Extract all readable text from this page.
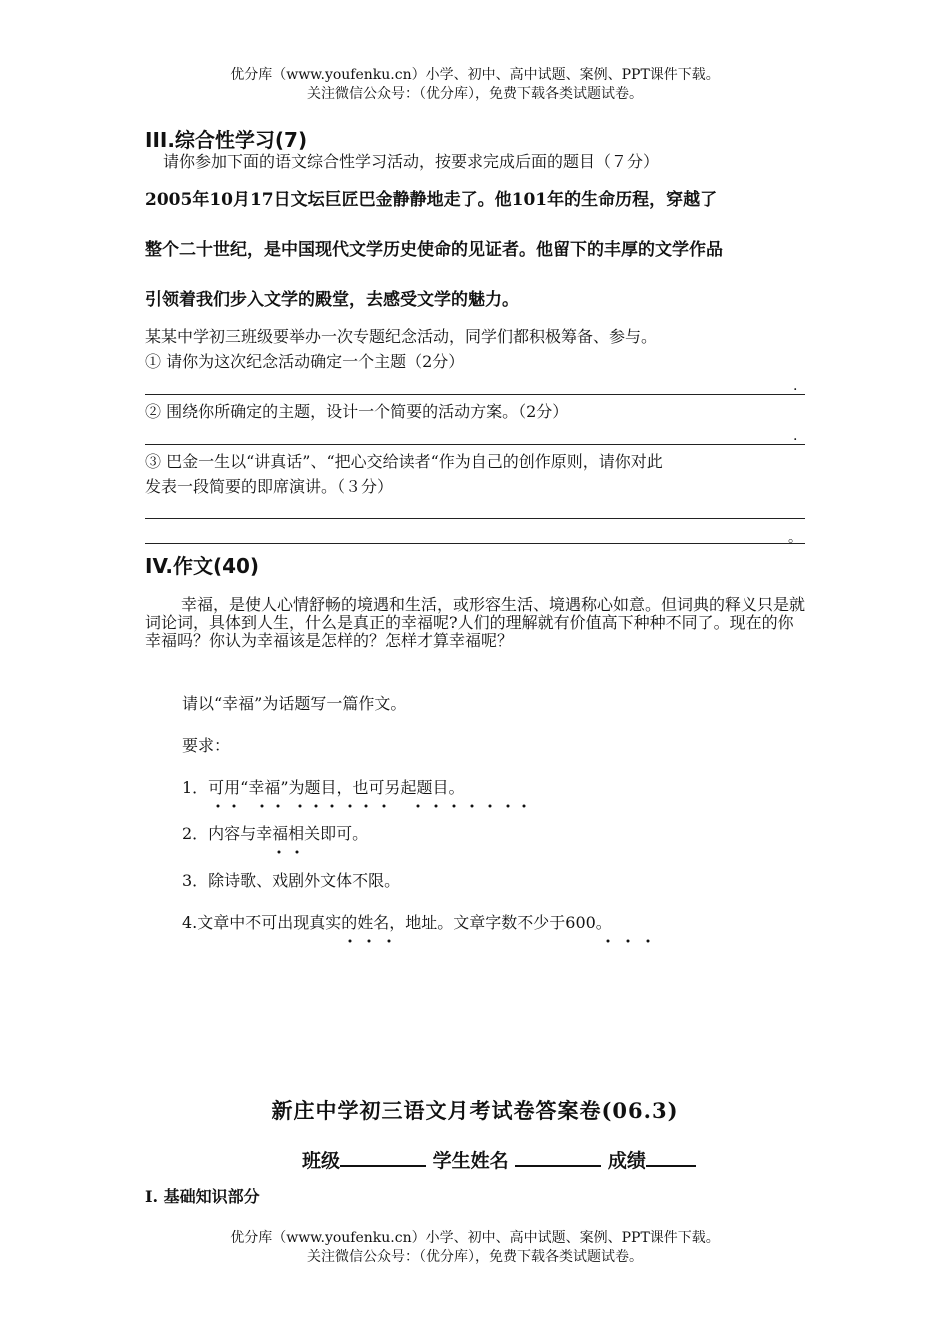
优分库（www.youfenku.cn）小学、初中、高中试题、案例、PPT课件下载。
关注微信公众号：（优分库），免费下载各类试题试卷。
III.综合性学习(7)
请你参加下面的语文综合性学习活动，按要求完成后面的题目（７分）
2005年10月17日文坛巨匠巴金静静地走了。他101年的生命历程，穿越了
整个二十世纪，是中国现代文学历史使命的见证者。他留下的丰厚的文学作品
引领着我们步入文学的殿堂，去感受文学的魅力。
某某中学初三班级要举办一次专题纪念活动，同学们都积极筹备、参与。
① 请你为这次纪念活动确定一个主题（2分）
.
② 围绕你所确定的主题，设计一个简要的活动方案。（2分）
.
③ 巴金一生以“讲真话”、“把心交给读者“作为自己的创作原则，请你对此
发表一段简要的即席演讲。（３分）
。
IV.作文(40)
幸福，是使人心情舒畅的境遇和生活，或形容生活、境遇称心如意。但词典的释义只是就词论词，具体到人生，什么是真正的幸福呢?人们的理解就有价值高下种种不同了。现在的你幸福吗？你认为幸福该是怎样的？怎样才算幸福呢？
请以“幸福”为话题写一篇作文。
要求：
1．可用“幸福”为题目，也可另起题目。
2．内容与幸福相关即可。
3．除诗歌、戏剧外文体不限。
4.文章中不可出现真实的姓名，地址。文章字数不少于600。
新庄中学初三语文月考试卷答案卷(06.3)
班级	学生姓名	成绩
I. 基础知识部分
优分库（www.youfenku.cn）小学、初中、高中试题、案例、PPT课件下载。
关注微信公众号：（优分库），免费下载各类试题试卷。
